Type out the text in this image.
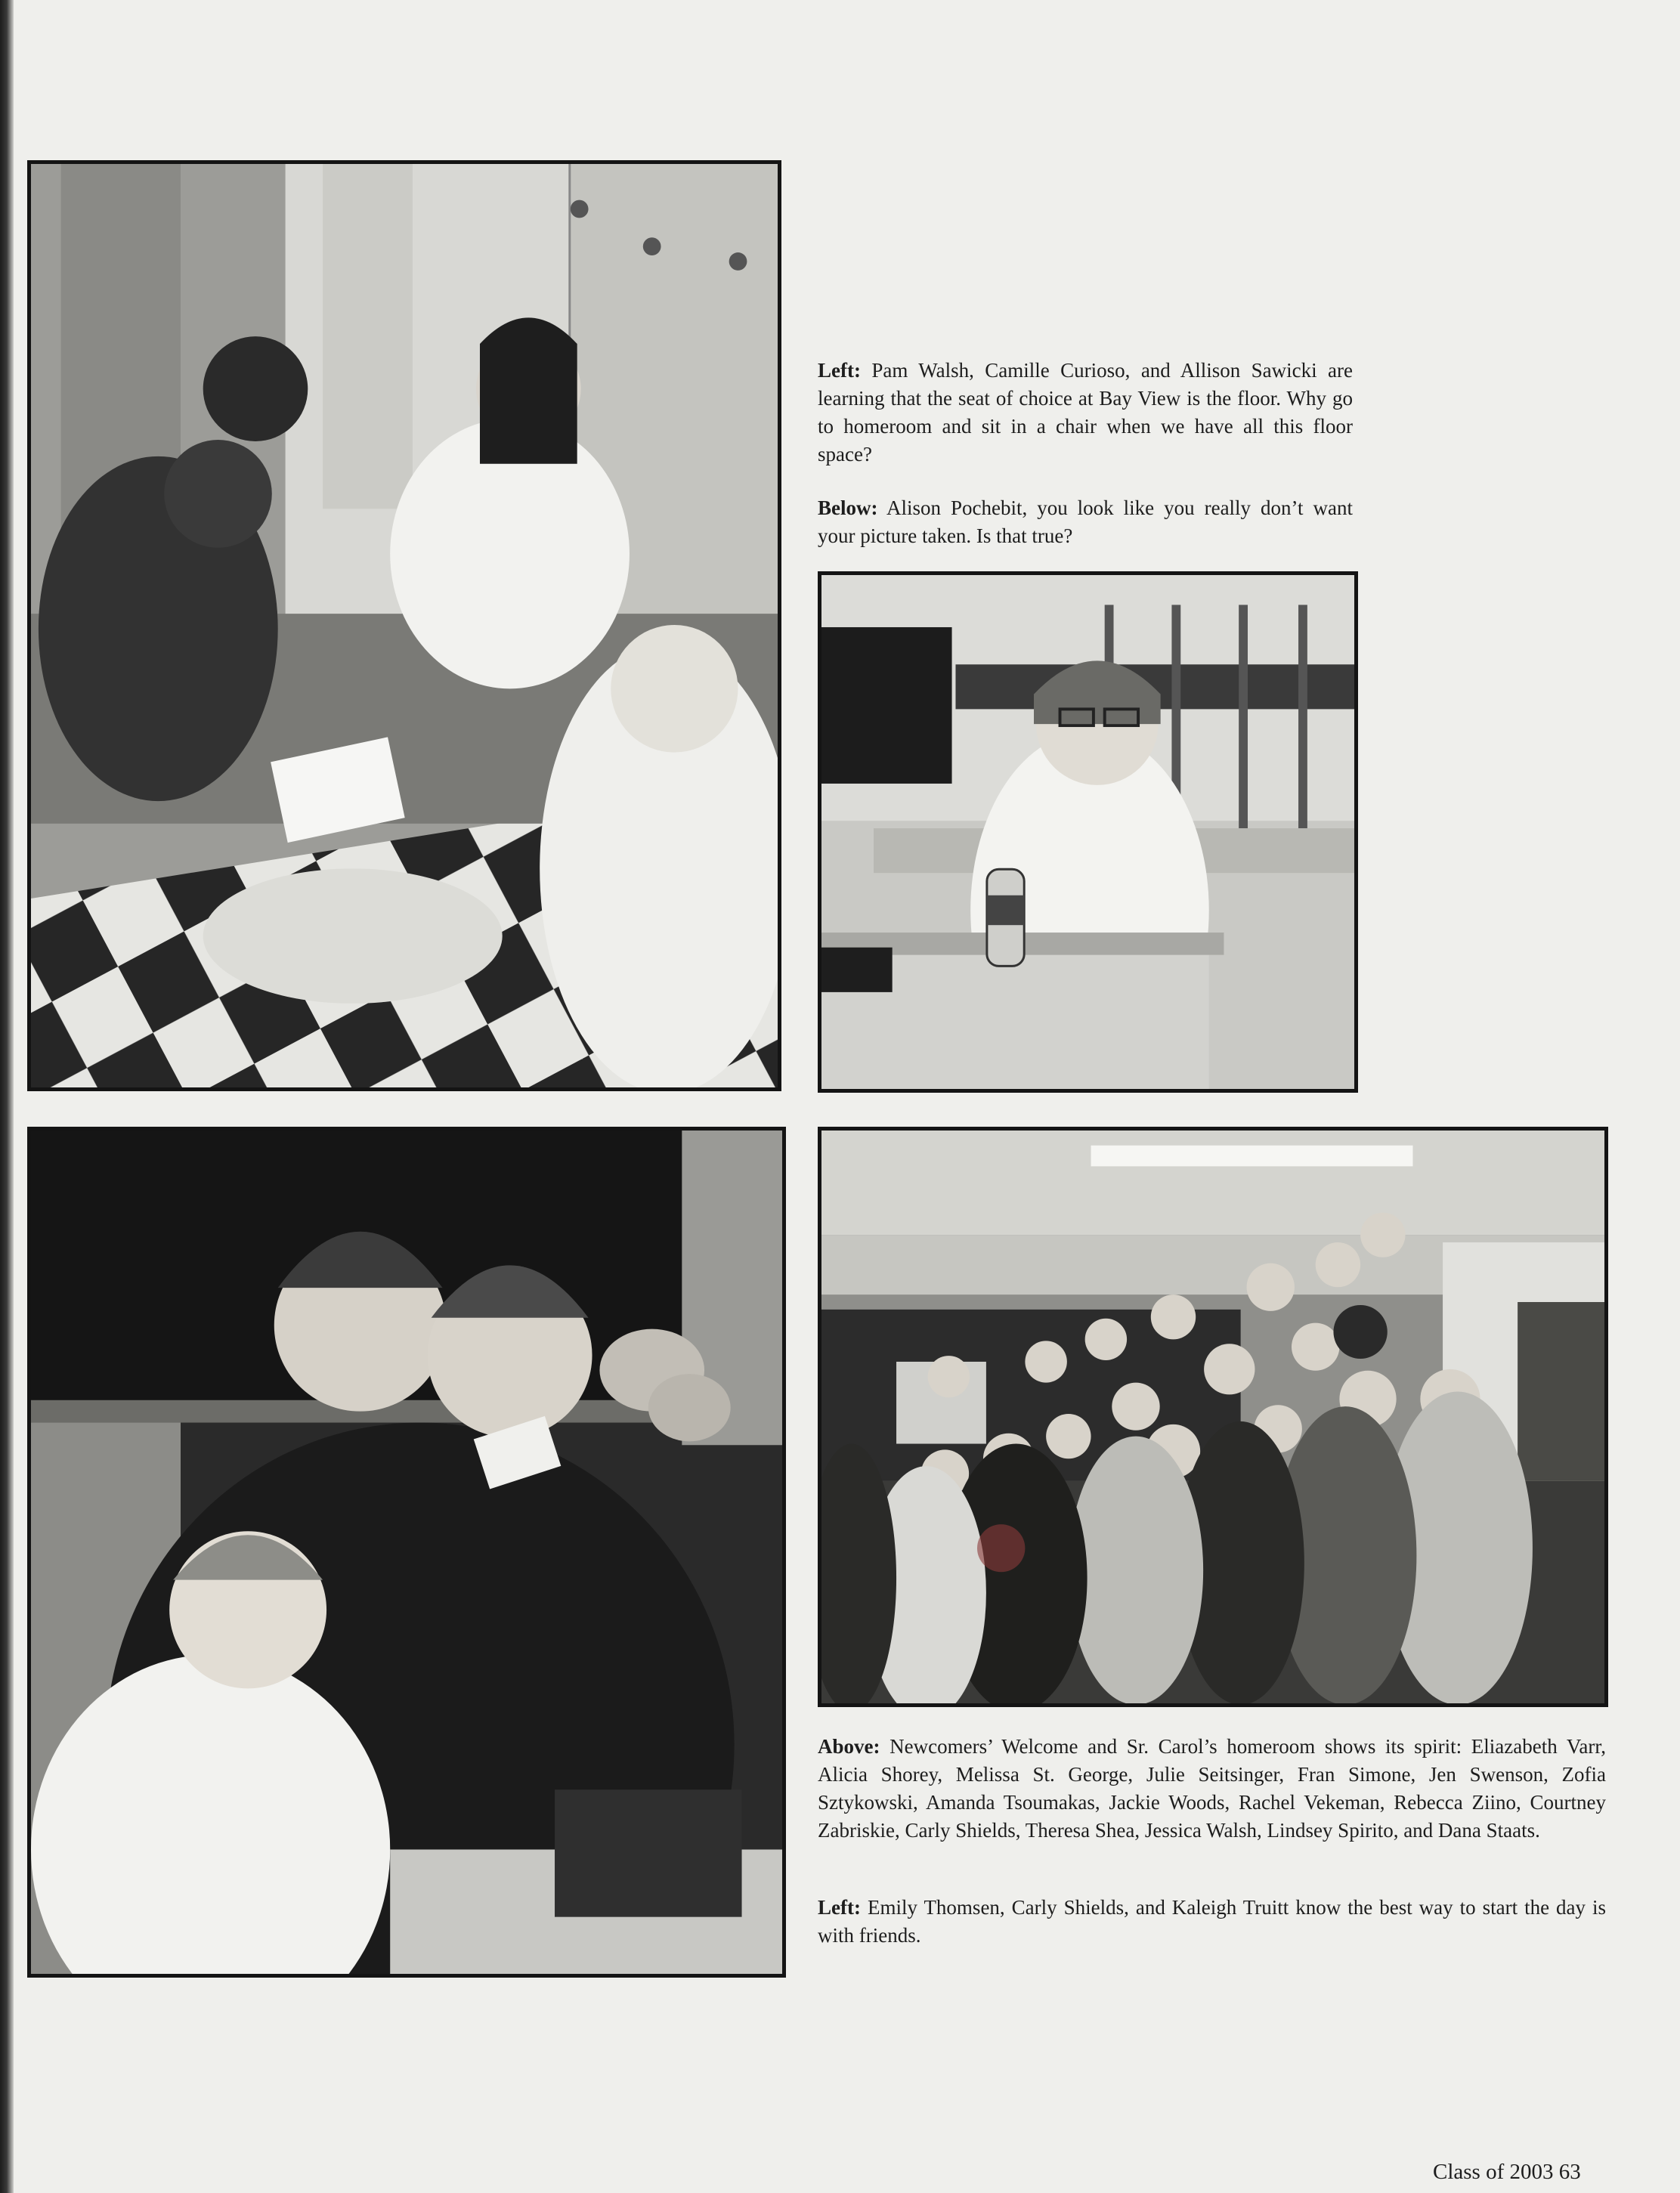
Left: Pam Walsh, Camille Curioso, and Allison Sawicki are learning that the seat of choice at Bay View is the floor. Why go to homeroom and sit in a chair when we have all this floor space?

Below: Alison Pochebit, you look like you really don’t want your picture taken. Is that true?

Above: Newcomers’ Welcome and Sr. Carol’s homeroom shows its spirit: Eliazabeth Varr, Alicia Shorey, Melissa St. George, Julie Seitsinger, Fran Simone, Jen Swenson, Zofia Sztykowski, Amanda Tsoumakas, Jackie Woods, Rachel Vekeman, Rebecca Ziino, Courtney Zabriskie, Carly Shields, Theresa Shea, Jessica Walsh, Lindsey Spirito, and Dana Staats.

Left: Emily Thomsen, Carly Shields, and Kaleigh Truitt know the best way to start the day is with friends.

Class of 2003 63
